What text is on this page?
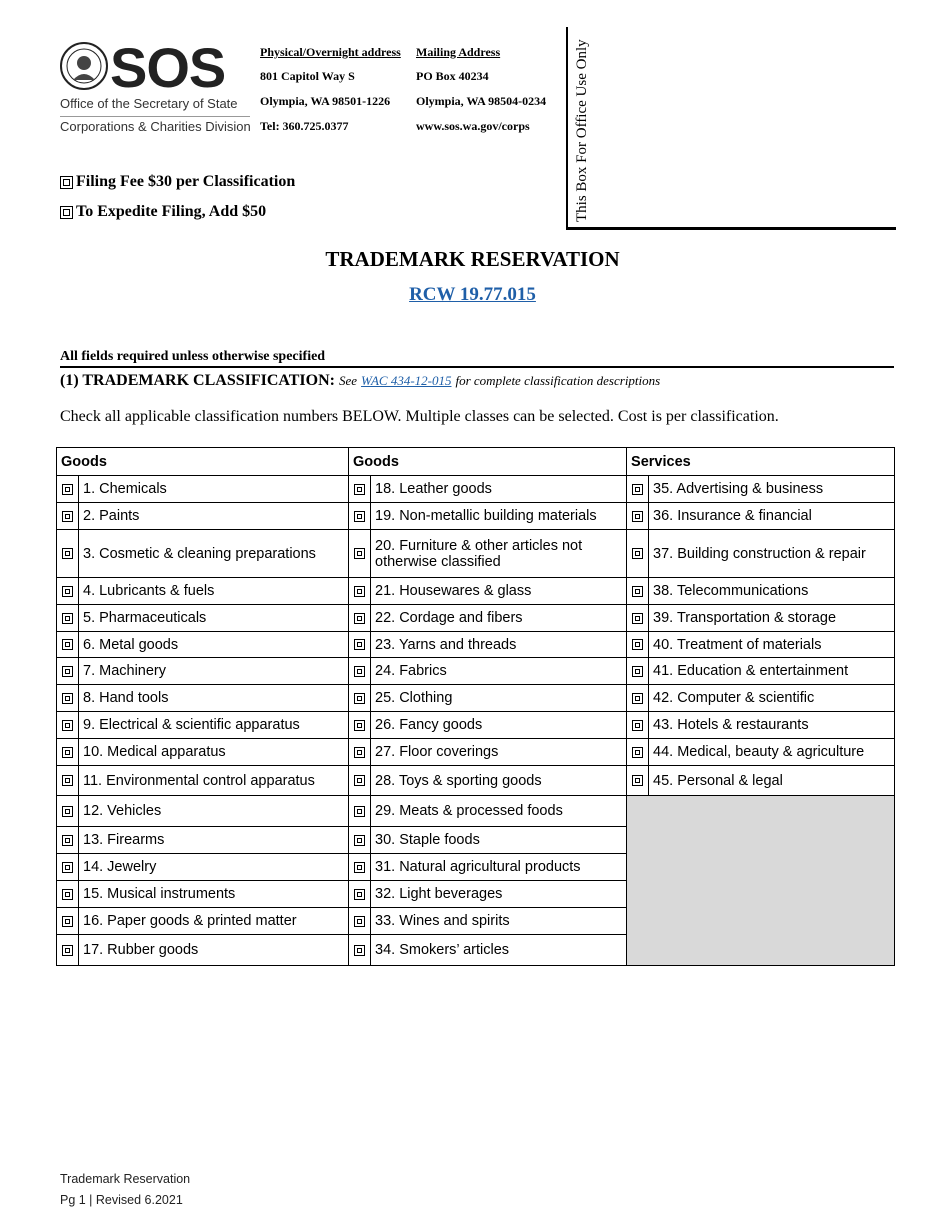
SOS
Office of the Secretary of State
Corporations & Charities Division
Physical/Overnight address
801 Capitol Way S
Olympia, WA 98501-1226
Tel: 360.725.0377
Mailing Address
PO Box 40234
Olympia, WA 98504-0234
www.sos.wa.gov/corps	This Box For Office Use Only
Filing Fee $30 per Classification
To Expedite Filing, Add $50
TRADEMARK RESERVATION
RCW 19.77.015
All fields required unless otherwise specified
(1) TRADEMARK CLASSIFICATION: See WAC 434-12-015 for complete classification descriptions
Check all applicable classification numbers BELOW. Multiple classes can be selected. Cost is per classification.
Goods		Goods		Services	
	1. Chemicals		18. Leather goods		35. Advertising & business
	2. Paints		19. Non-metallic building materials		36. Insurance & financial
	3. Cosmetic & cleaning preparations		20. Furniture & other articles not otherwise classified		37. Building construction & repair
	4. Lubricants & fuels		21. Housewares & glass		38. Telecommunications
	5. Pharmaceuticals		22. Cordage and fibers		39. Transportation & storage
	6. Metal goods		23. Yarns and threads		40. Treatment of materials
	7. Machinery		24. Fabrics		41. Education & entertainment
	8. Hand tools		25. Clothing		42. Computer & scientific
	9. Electrical & scientific apparatus		26. Fancy goods		43. Hotels & restaurants
	10. Medical apparatus		27. Floor coverings		44. Medical, beauty & agriculture
	11. Environmental control apparatus		28. Toys & sporting goods		45. Personal & legal
	12. Vehicles		29. Meats & processed foods		
	13. Firearms		30. Staple foods		
	14. Jewelry		31. Natural agricultural products		
	15. Musical instruments		32. Light beverages		
	16. Paper goods & printed matter		33. Wines and spirits		
	17. Rubber goods		34. Smokers’ articles		
Trademark Reservation
Pg 1 | Revised 6.2021
